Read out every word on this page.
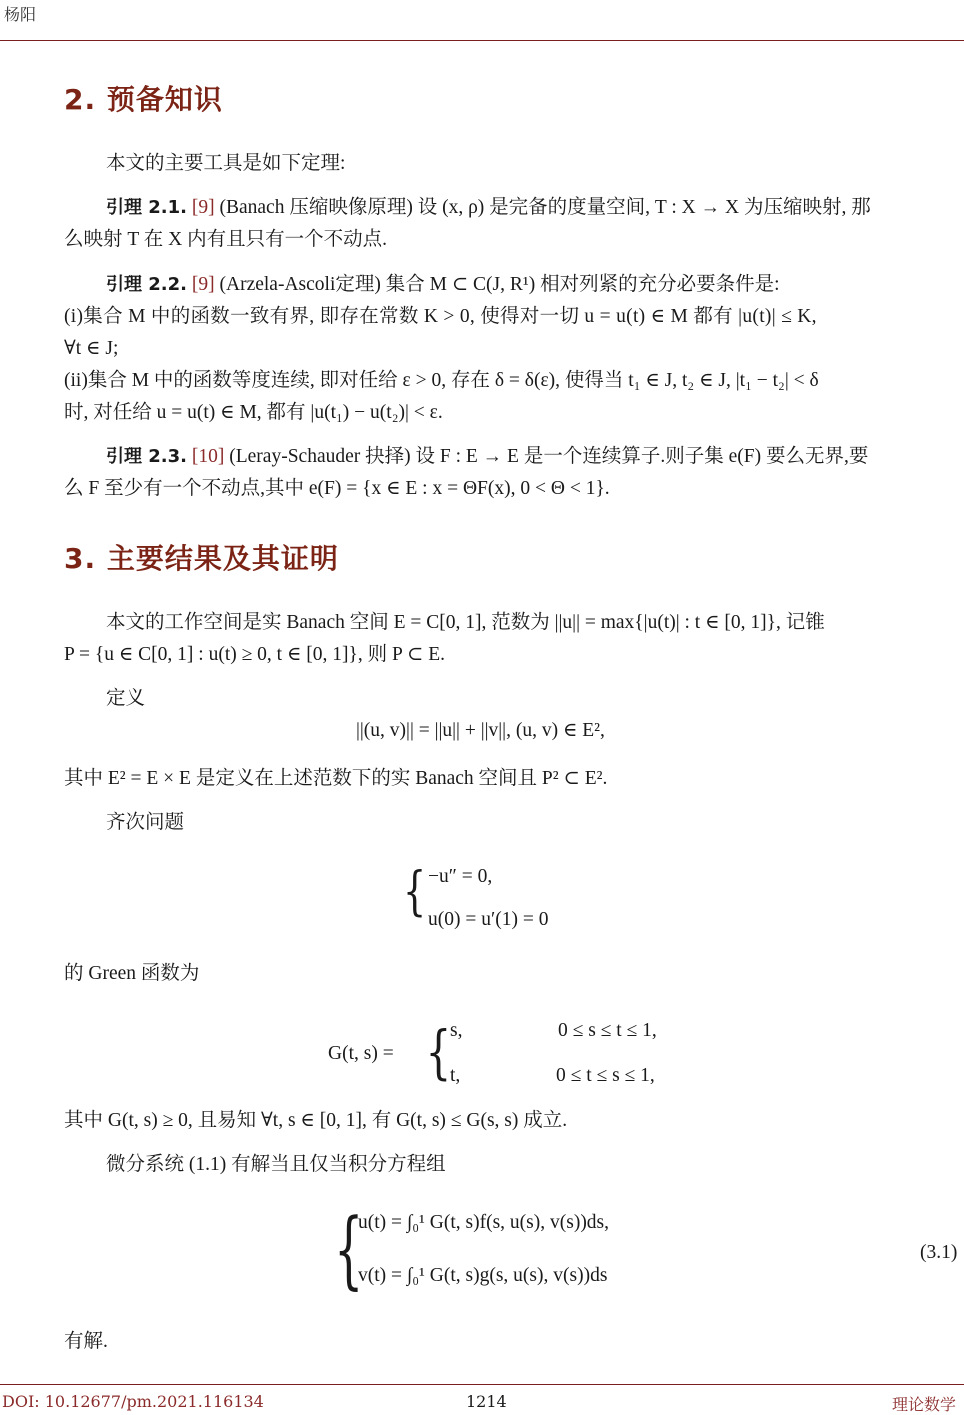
杨阳
2. 预备知识
本文的主要工具是如下定理:
引理 2.1. [9] (Banach 压缩映像原理) 设 (x, ρ) 是完备的度量空间, T : X → X 为压缩映射, 那
么映射 T 在 X 内有且只有一个不动点.
引理 2.2. [9] (Arzela-Ascoli定理) 集合 M ⊂ C(J, R¹) 相对列紧的充分必要条件是:
(i)集合 M 中的函数一致有界, 即存在常数 K > 0, 使得对一切 u = u(t) ∈ M 都有 |u(t)| ≤ K,
∀t ∈ J;
(ii)集合 M 中的函数等度连续, 即对任给 ε > 0, 存在 δ = δ(ε), 使得当 t₁ ∈ J, t₂ ∈ J, |t₁ − t₂| < δ
时, 对任给 u = u(t) ∈ M, 都有 |u(t₁) − u(t₂)| < ε.
引理 2.3. [10] (Leray-Schauder 抉择) 设 F : E → E 是一个连续算子.则子集 e(F) 要么无界,要
么 F 至少有一个不动点,其中 e(F) = {x ∈ E : x = ΘF(x), 0 < Θ < 1}.
3. 主要结果及其证明
本文的工作空间是实 Banach 空间 E = C[0, 1], 范数为 ||u|| = max{|u(t)| : t ∈ [0, 1]}, 记锥
P = {u ∈ C[0, 1] : u(t) ≥ 0, t ∈ [0, 1]}, 则 P ⊂ E.
定义
||(u, v)|| = ||u|| + ||v||, (u, v) ∈ E²,
其中 E² = E × E 是定义在上述范数下的实 Banach 空间且 P² ⊂ E².
齐次问题
{ −u″ = 0,
u(0) = u′(1) = 0
的 Green 函数为
G(t, s) = {
s,	0 ≤ s ≤ t ≤ 1,
t,	0 ≤ t ≤ s ≤ 1,
其中 G(t, s) ≥ 0, 且易知 ∀t, s ∈ [0, 1], 有 G(t, s) ≤ G(s, s) 成立.
微分系统 (1.1) 有解当且仅当积分方程组
{
u(t) = ∫₀¹ G(t, s)f(s, u(s), v(s))ds,
v(t) = ∫₀¹ G(t, s)g(s, u(s), v(s))ds
(3.1)
有解.
DOI: 10.12677/pm.2021.116134	1214	理论数学
